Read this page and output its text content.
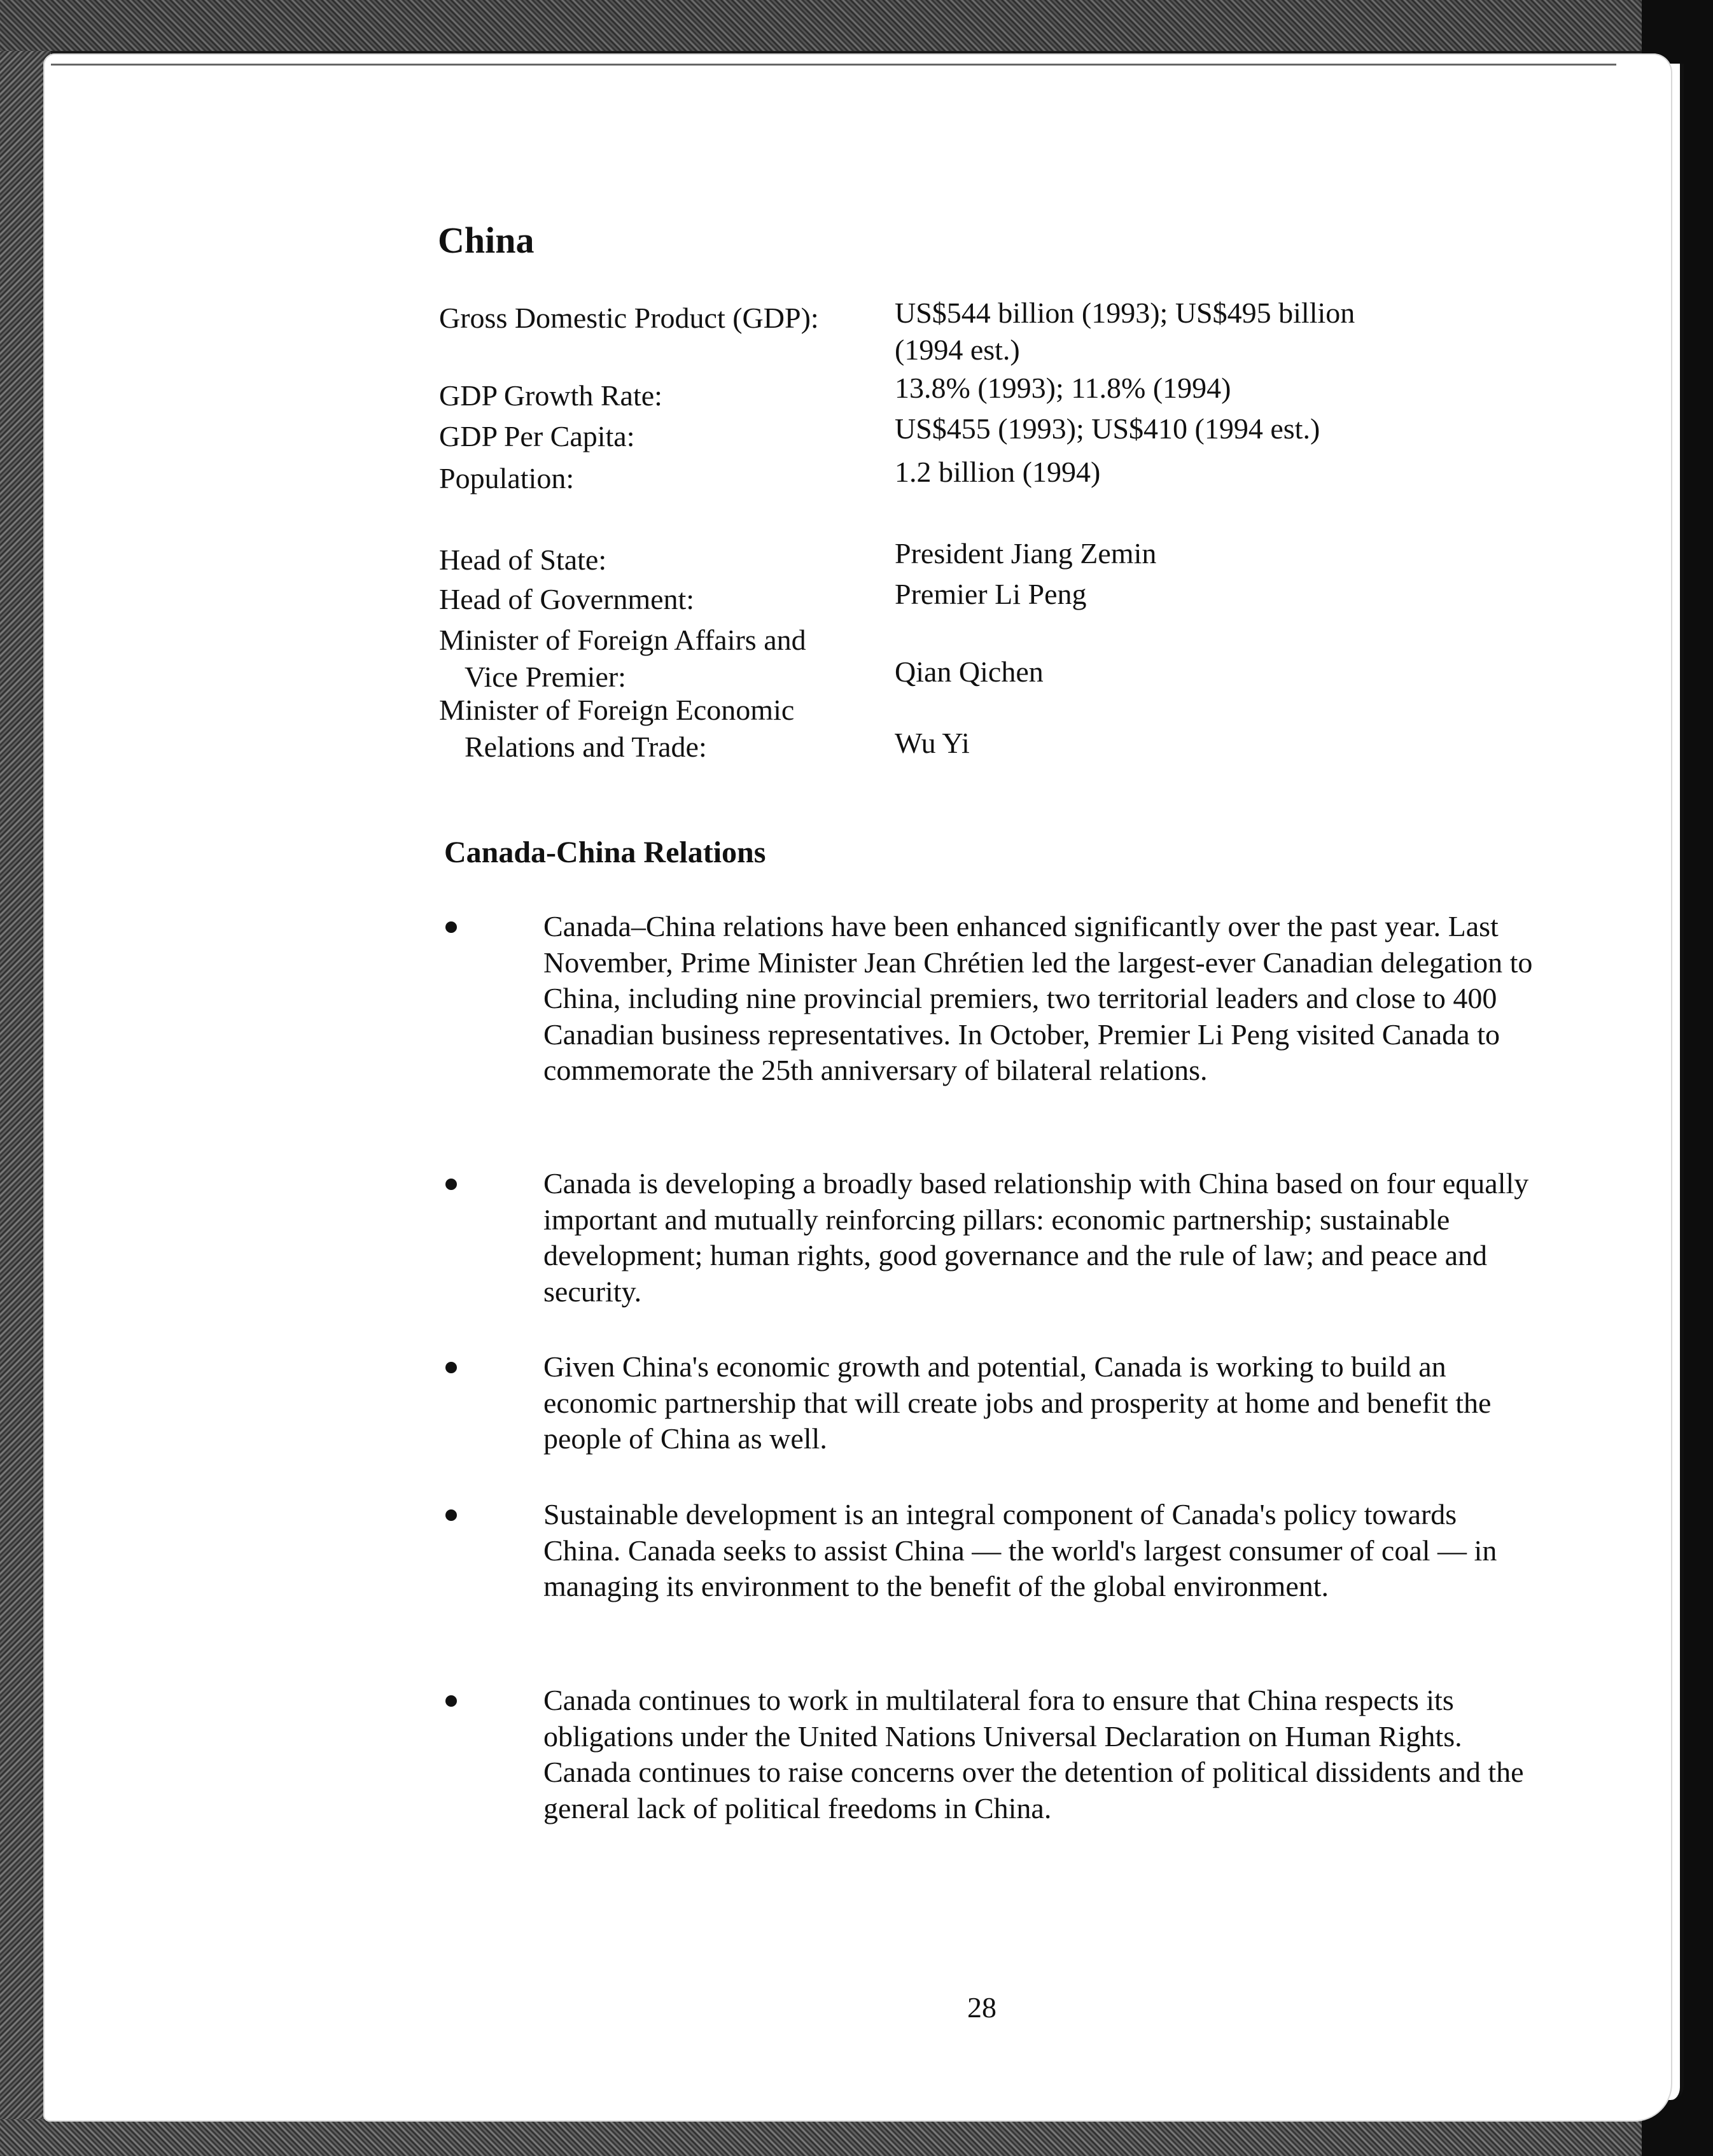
China
Gross Domestic Product (GDP):	US$544 billion (1993); US$495 billion
(1994 est.)
GDP Growth Rate:	13.8% (1993); 11.8% (1994)
GDP Per Capita:	US$455 (1993); US$410 (1994 est.)
Population:	1.2 billion (1994)
Head of State:	President Jiang Zemin
Head of Government:	Premier Li Peng
Minister of Foreign Affairs and
Vice Premier:	Qian Qichen
Minister of Foreign Economic
Relations and Trade:	Wu Yi
Canada-China Relations

Canada–China relations have been enhanced significantly over the past year. Last November, Prime Minister Jean Chrétien led the largest-ever Canadian delegation to China, including nine provincial premiers, two territorial leaders and close to 400 Canadian business representatives. In October, Premier Li Peng visited Canada to commemorate the 25th anniversary of bilateral relations.

Canada is developing a broadly based relationship with China based on four equally important and mutually reinforcing pillars: economic partnership; sustainable development; human rights, good governance and the rule of law; and peace and security.

Given China's economic growth and potential, Canada is working to build an economic partnership that will create jobs and prosperity at home and benefit the people of China as well.

Sustainable development is an integral component of Canada's policy towards China. Canada seeks to assist China — the world's largest consumer of coal — in managing its environment to the benefit of the global environment.

Canada continues to work in multilateral fora to ensure that China respects its obligations under the United Nations Universal Declaration on Human Rights. Canada continues to raise concerns over the detention of political dissidents and the general lack of political freedoms in China.

28
